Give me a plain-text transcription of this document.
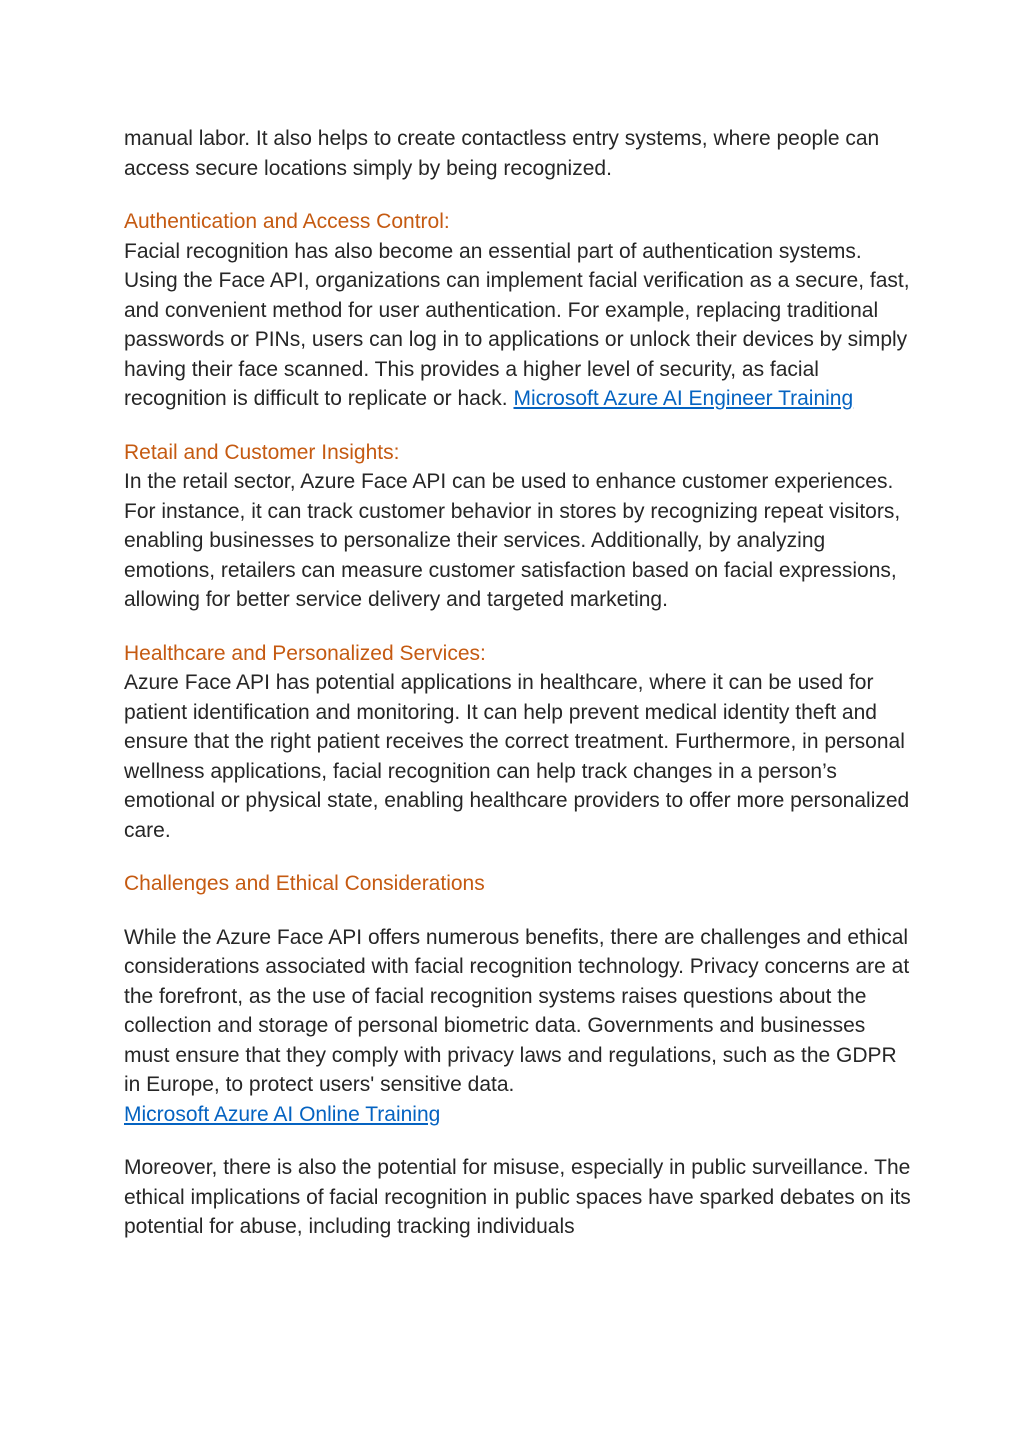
manual labor. It also helps to create contactless entry systems, where people can access secure locations simply by being recognized.

Authentication and Access Control:
Facial recognition has also become an essential part of authentication systems. Using the Face API, organizations can implement facial verification as a secure, fast, and convenient method for user authentication. For example, replacing traditional passwords or PINs, users can log in to applications or unlock their devices by simply having their face scanned. This provides a higher level of security, as facial recognition is difficult to replicate or hack. Microsoft Azure AI Engineer Training
Retail and Customer Insights:
In the retail sector, Azure Face API can be used to enhance customer experiences. For instance, it can track customer behavior in stores by recognizing repeat visitors, enabling businesses to personalize their services. Additionally, by analyzing emotions, retailers can measure customer satisfaction based on facial expressions, allowing for better service delivery and targeted marketing.
Healthcare and Personalized Services:
Azure Face API has potential applications in healthcare, where it can be used for patient identification and monitoring. It can help prevent medical identity theft and ensure that the right patient receives the correct treatment. Furthermore, in personal wellness applications, facial recognition can help track changes in a person’s emotional or physical state, enabling healthcare providers to offer more personalized care.
Challenges and Ethical Considerations
While the Azure Face API offers numerous benefits, there are challenges and ethical considerations associated with facial recognition technology. Privacy concerns are at the forefront, as the use of facial recognition systems raises questions about the collection and storage of personal biometric data. Governments and businesses must ensure that they comply with privacy laws and regulations, such as the GDPR in Europe, to protect users' sensitive data.
Microsoft Azure AI Online Training

Moreover, there is also the potential for misuse, especially in public surveillance. The ethical implications of facial recognition in public spaces have sparked debates on its potential for abuse, including tracking individuals
